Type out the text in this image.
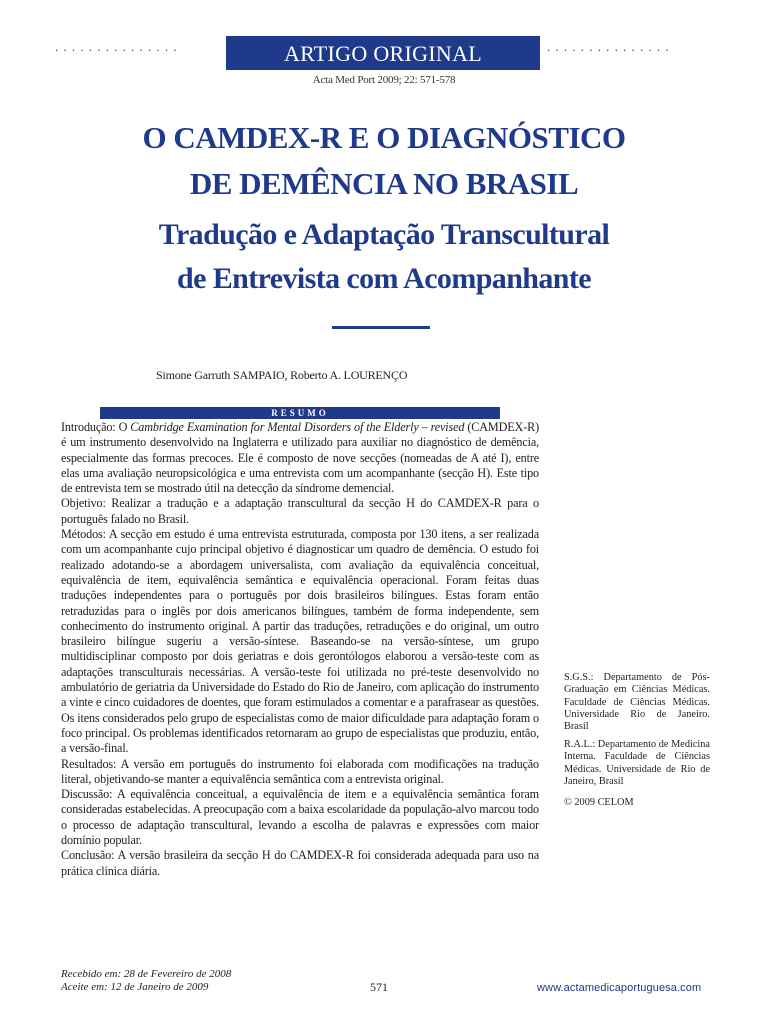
...............	ARTIGO ORIGINAL	...............
Acta Med Port 2009; 22: 571-578
O CAMDEX-R E O DIAGNÓSTICO
DE DEMÊNCIA NO BRASIL
Tradução e Adaptação Transcultural
de Entrevista com Acompanhante
Simone Garruth SAMPAIO, Roberto A. LOURENÇO
RESUMO

Introdução: O Cambridge Examination for Mental Disorders of the Elderly – revised (CAMDEX-R) é um instrumento desenvolvido na Inglaterra e utilizado para auxiliar no diagnóstico de demência, especialmente das formas precoces. Ele é composto de nove secções (nomeadas de A até I), entre elas uma avaliação neuropsicológica e uma entrevista com um acompanhante (secção H). Este tipo de entrevista tem se mostrado útil na detecção da síndrome demencial.

Objetivo: Realizar a tradução e a adaptação transcultural da secção H do CAMDEX-R para o português falado no Brasil.

Métodos: A secção em estudo é uma entrevista estruturada, composta por 130 itens, a ser realizada com um acompanhante cujo principal objetivo é diagnosticar um quadro de demência. O estudo foi realizado adotando-se a abordagem universalista, com avaliação da equivalência conceitual, equivalência de item, equivalência semântica e equivalência operacional. Foram feitas duas traduções independentes para o português por dois brasileiros bilíngues. Estas foram então retraduzidas para o inglês por dois americanos bilíngues, também de forma independente, sem conhecimento do instrumento original. A partir das traduções, retraduções e do original, um outro brasileiro bilíngue sugeriu a versão-síntese. Baseando-se na versão-síntese, um grupo multidisciplinar composto por dois geriatras e dois gerontólogos elaborou a versão-teste com as adaptações transculturais necessárias. A versão-teste foi utilizada no pré-teste desenvolvido no ambulatório de geriatria da Universidade do Estado do Rio de Janeiro, com aplicação do instrumento a vinte e cinco cuidadores de doentes, que foram estimulados a comentar e a parafrasear as questões. Os itens considerados pelo grupo de especialistas como de maior dificuldade para adaptação foram o foco principal. Os problemas identificados retornaram ao grupo de especialistas que produziu, então, a versão-final.

Resultados: A versão em português do instrumento foi elaborada com modificações na tradução literal, objetivando-se manter a equivalência semântica com a entrevista original.

Discussão: A equivalência conceitual, a equivalência de item e a equivalência semântica foram consideradas estabelecidas. A preocupação com a baixa escolaridade da população-alvo marcou todo o processo de adaptação transcultural, levando a escolha de palavras e expressões com maior domínio popular.

Conclusão: A versão brasileira da secção H do CAMDEX-R foi considerada adequada para uso na prática clínica diária.

S.G.S.: Departamento de Pós-Graduação em Ciências Médicas. Faculdade de Ciências Médicas. Universidade Rio de Janeiro. Brasil
R.A.L.: Departamento de Medicina Interna. Faculdade de Ciências Médicas. Universidade de Rio de Janeiro, Brasil
© 2009 CELOM
Recebido em: 28 de Fevereiro de 2008
Aceite em: 12 de Janeiro de 2009	571	www.actamedicaportuguesa.com
